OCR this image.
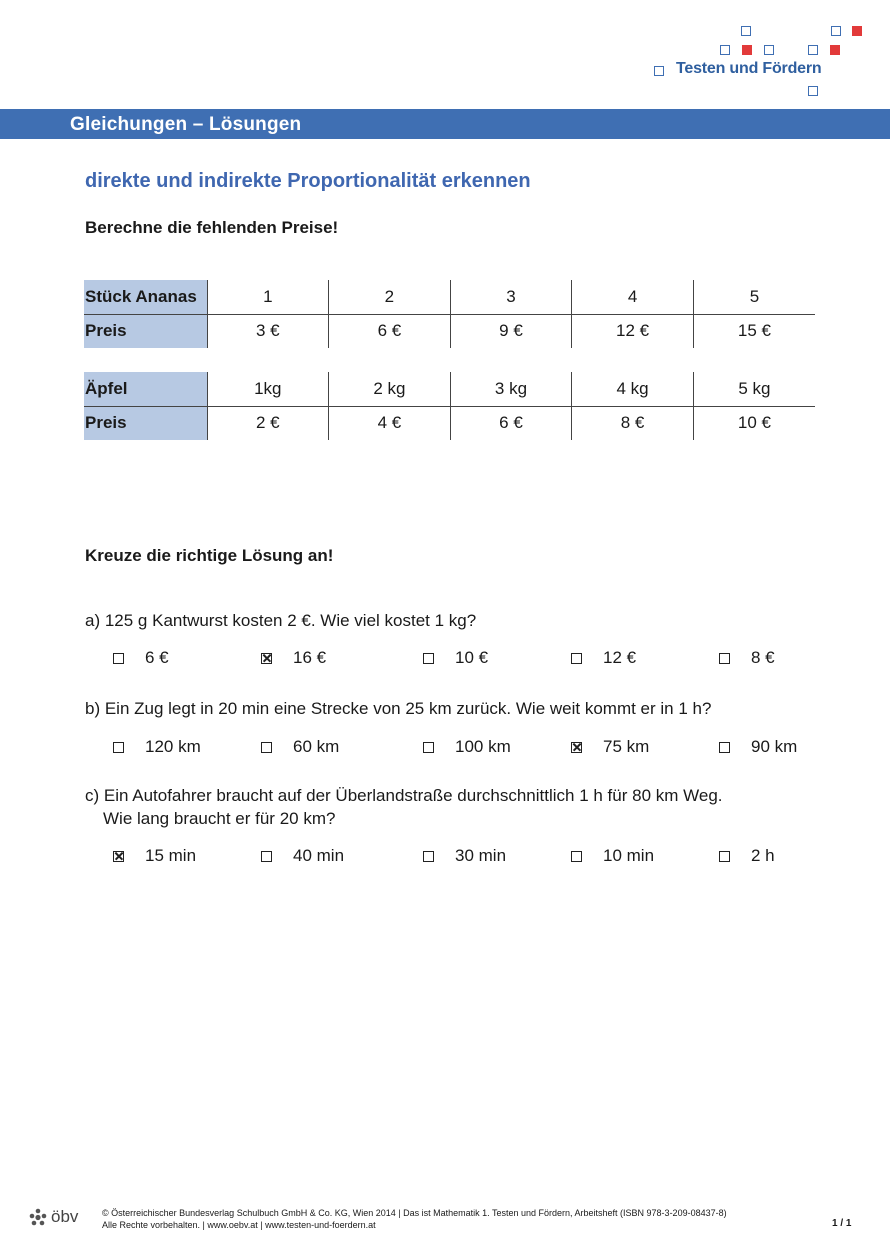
Testen und Fördern
Gleichungen – Lösungen
direkte und indirekte Proportionalität erkennen
Berechne die fehlenden Preise!
Stück Ananas	1	2	3	4	5
Preis	3 €	6 €	9 €	12 €	15 €
Äpfel	1kg	2 kg	3 kg	4 kg	5 kg
Preis	2 €	4 €	6 €	8 €	10 €
Kreuze die richtige Lösung an!
a) 125 g Kantwurst kosten 2 €. Wie viel kostet 1 kg?
6 €	16 €	10 €	12 €	8 €
b) Ein Zug legt in 20 min eine Strecke von 25 km zurück. Wie weit kommt er in 1 h?
120 km	60 km	100 km	75 km	90 km
c) Ein Autofahrer braucht auf der Überlandstraße durchschnittlich 1 h für 80 km Weg.
Wie lang braucht er für 20 km?
15 min	40 min	30 min	10 min	2 h
öbv	© Österreichischer Bundesverlag Schulbuch GmbH & Co. KG, Wien 2014 | Das ist Mathematik 1. Testen und Fördern, Arbeitsheft (ISBN 978-3-209-08437-8)
Alle Rechte vorbehalten. | www.oebv.at | www.testen-und-foerdern.at	1 / 1
